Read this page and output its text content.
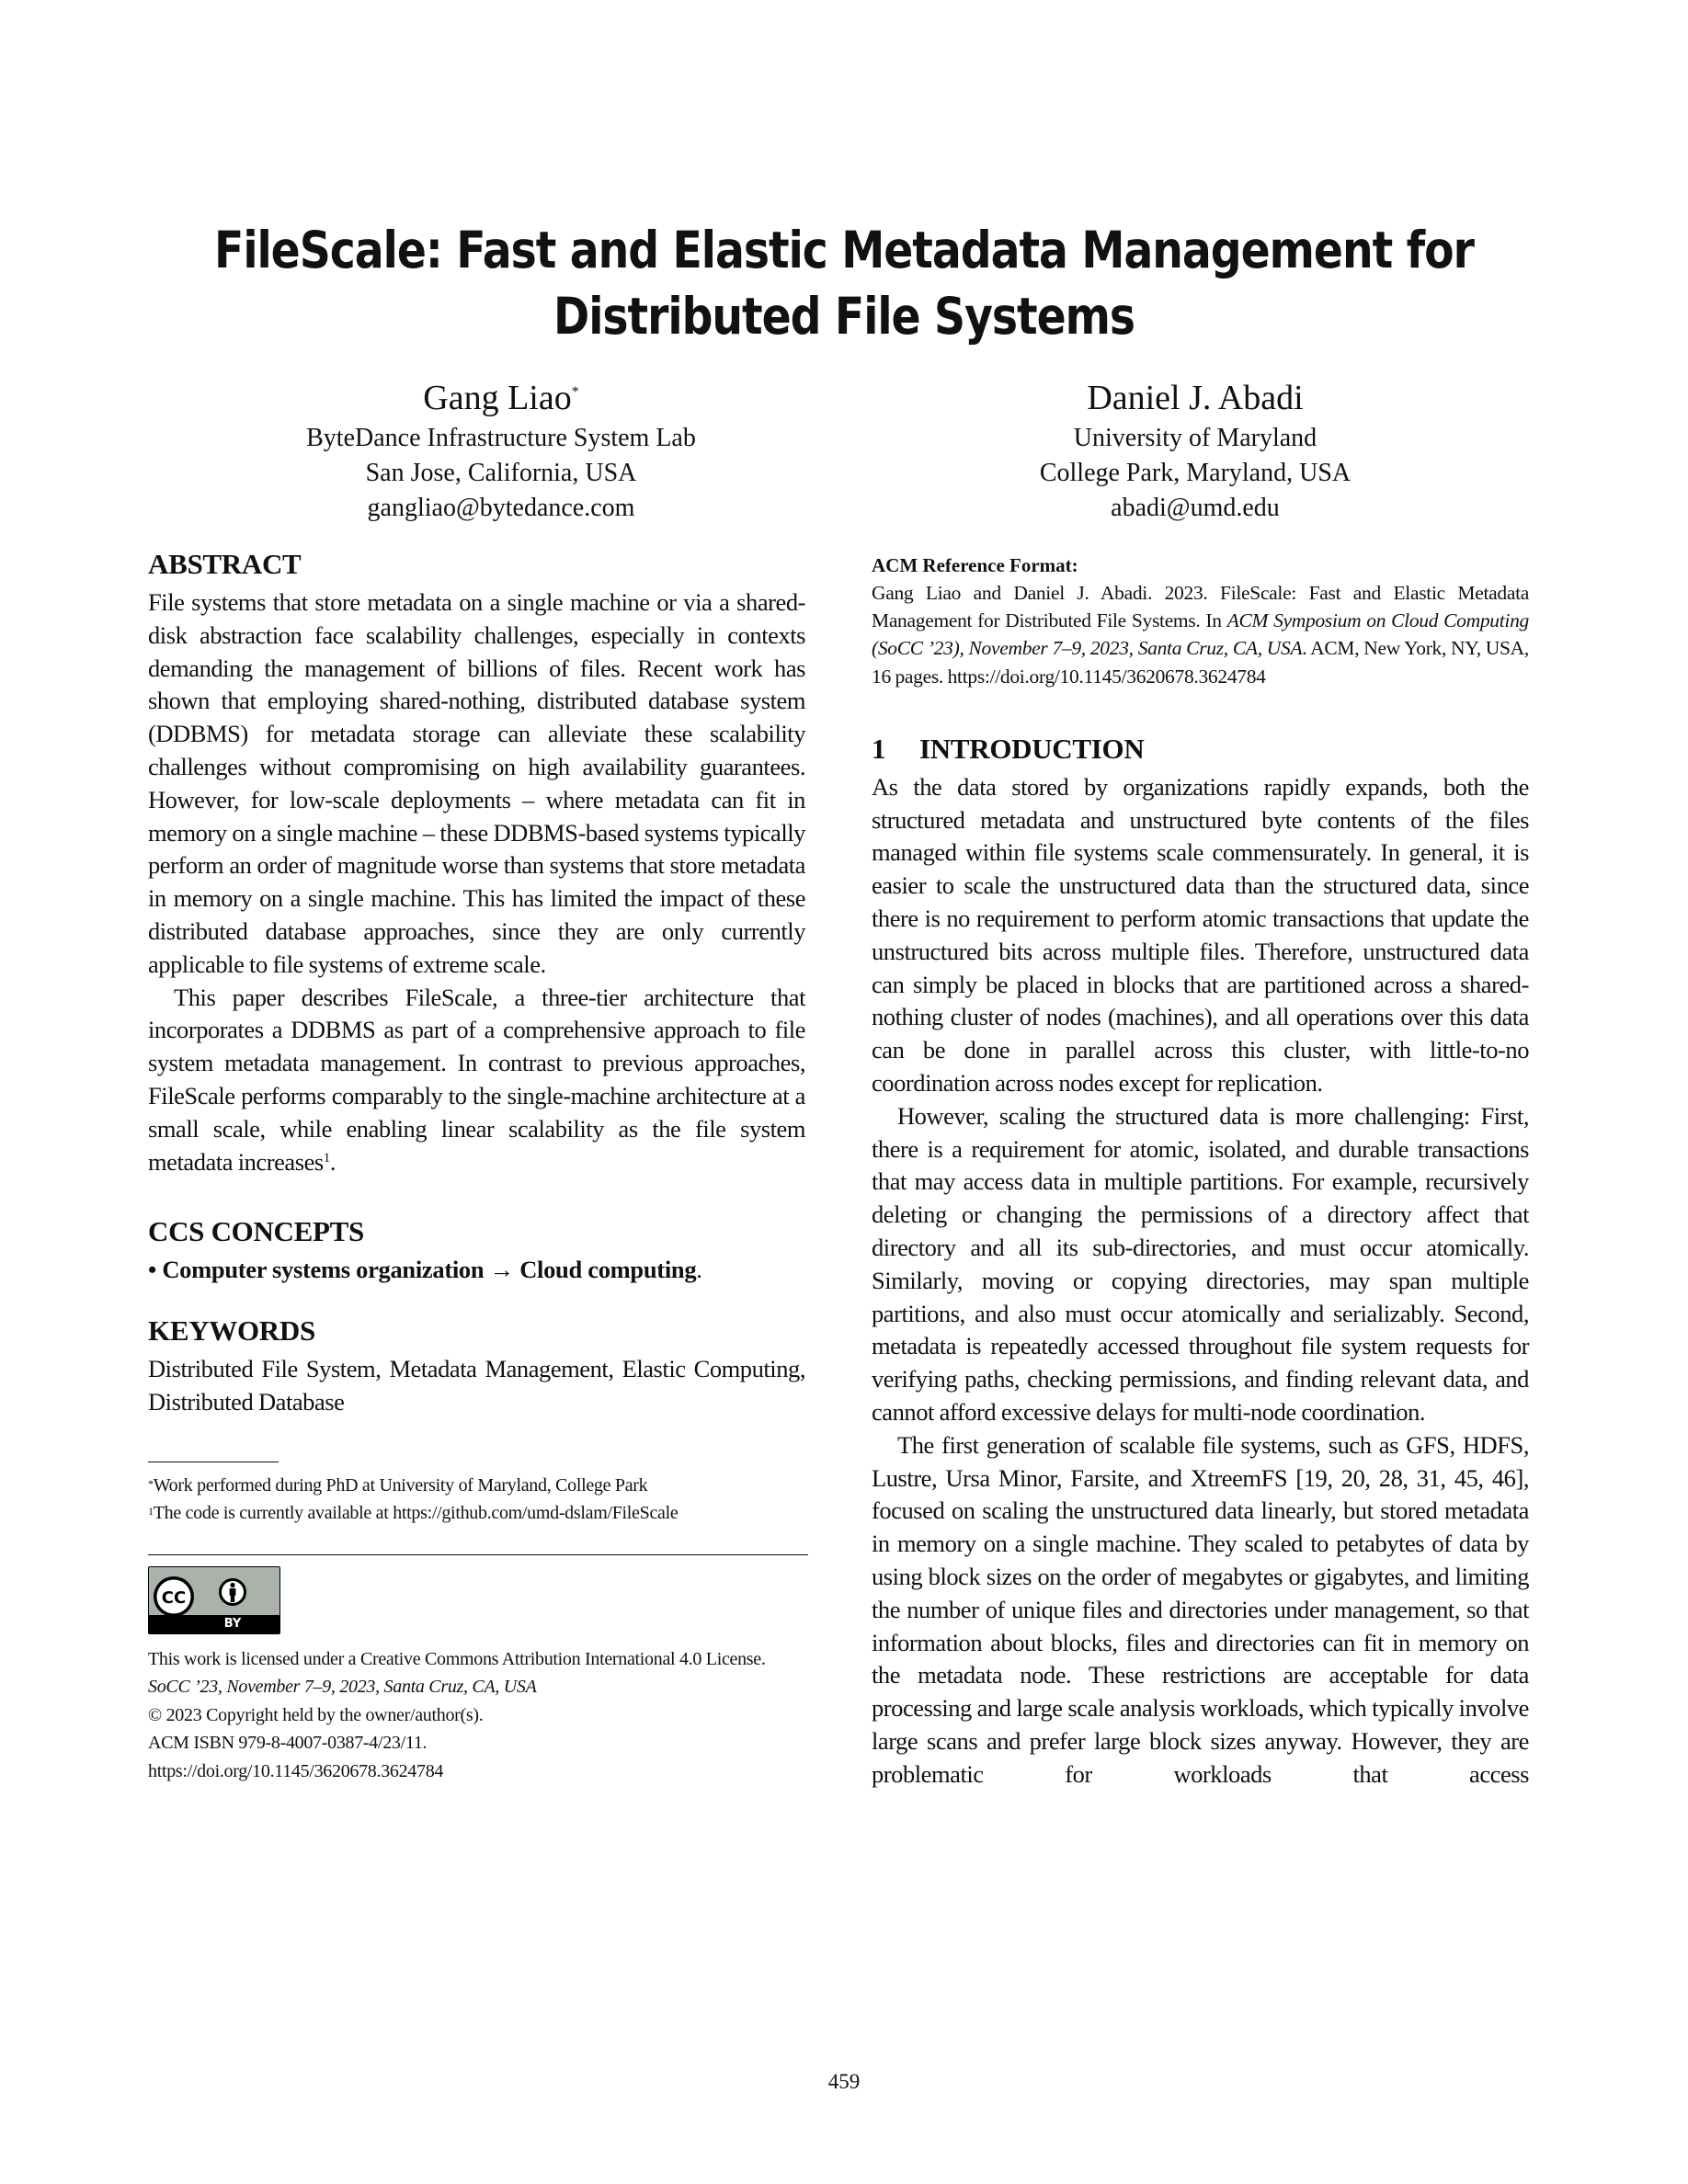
FileScale: Fast and Elastic Metadata Management for
Distributed File Systems
Gang Liao*
ByteDance Infrastructure System Lab
San Jose, California, USA
gangliao@bytedance.com
Daniel J. Abadi
University of Maryland
College Park, Maryland, USA
abadi@umd.edu
ABSTRACT

File systems that store metadata on a single machine or via a shared-disk abstraction face scalability challenges, especially in contexts demanding the management of billions of files. Recent work has shown that employing shared-nothing, distributed database system (DDBMS) for metadata storage can alleviate these scalability challenges without compromising on high availability guarantees. However, for low-scale deployments – where metadata can fit in memory on a single machine – these DDBMS-based systems typically perform an order of magnitude worse than systems that store metadata in memory on a single machine. This has limited the impact of these distributed database approaches, since they are only currently applicable to file systems of extreme scale.

This paper describes FileScale, a three-tier architecture that incorporates a DDBMS as part of a comprehensive approach to file system metadata management. In contrast to previous approaches, FileScale performs comparably to the single-machine architecture at a small scale, while enabling linear scalability as the file system metadata increases$^1$.

CCS CONCEPTS
• Computer systems organization → Cloud computing.
KEYWORDS

Distributed File System, Metadata Management, Elastic Computing, Distributed Database

*Work performed during PhD at University of Maryland, College Park
$^1$The code is currently available at https://github.com/umd-dslam/FileScale
CC
BY
This work is licensed under a Creative Commons Attribution International 4.0 License.
SoCC ’23, November 7–9, 2023, Santa Cruz, CA, USA
© 2023 Copyright held by the owner/author(s).
ACM ISBN 979-8-4007-0387-4/23/11.
https://doi.org/10.1145/3620678.3624784
ACM Reference Format:
Gang Liao and Daniel J. Abadi. 2023. FileScale: Fast and Elastic Metadata Management for Distributed File Systems. In ACM Symposium on Cloud Computing (SoCC ’23), November 7–9, 2023, Santa Cruz, CA, USA. ACM, New York, NY, USA, 16 pages. https://doi.org/​10.1145/3620678.3624784
1	INTRODUCTION

As the data stored by organizations rapidly expands, both the structured metadata and unstructured byte contents of the files managed within file systems scale commensurately. In general, it is easier to scale the unstructured data than the structured data, since there is no requirement to perform atomic transactions that update the unstructured bits across multiple files. Therefore, unstructured data can simply be placed in blocks that are partitioned across a shared-nothing cluster of nodes (machines), and all operations over this data can be done in parallel across this cluster, with little-to-no coordination across nodes except for replication.

However, scaling the structured data is more challenging: First, there is a requirement for atomic, isolated, and durable transactions that may access data in multiple partitions. For example, recursively deleting or changing the permissions of a directory affect that directory and all its sub-directories, and must occur atomically. Similarly, moving or copying directories, may span multiple partitions, and also must occur atomically and serializably. Second, metadata is repeatedly accessed throughout file system requests for verifying paths, checking permissions, and finding relevant data, and cannot afford excessive delays for multi-node coordination.

The first generation of scalable file systems, such as GFS, HDFS, Lustre, Ursa Minor, Farsite, and XtreemFS [19, 20, 28, 31, 45, 46], focused on scaling the unstructured data linearly, but stored metadata in memory on a single machine. They scaled to petabytes of data by using block sizes on the order of megabytes or gigabytes, and limiting the number of unique files and directories under management, so that information about blocks, files and directories can fit in memory on the metadata node. These restrictions are acceptable for data processing and large scale analysis workloads, which typically involve large scans and prefer large block sizes anyway. However, they are problematic for workloads that access

459
